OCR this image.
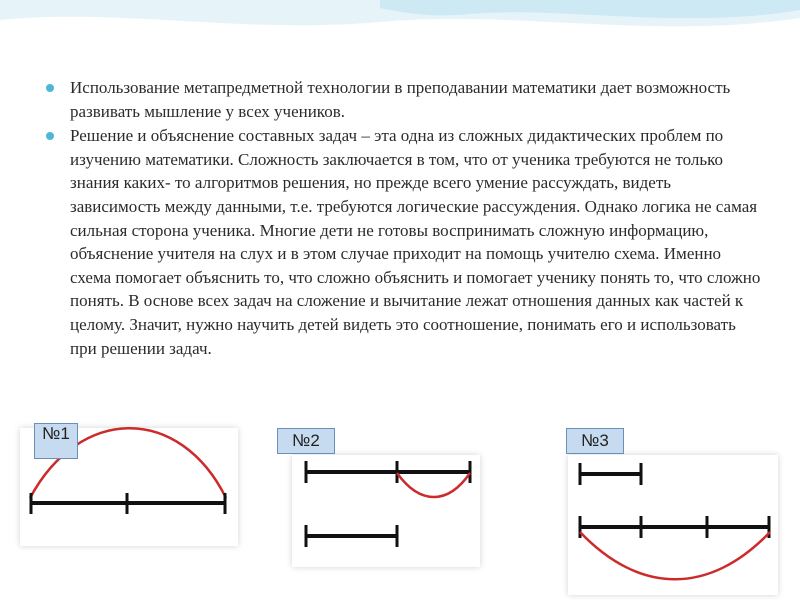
Использование метапредметной технологии в преподавании математики дает возможность развивать мышление у всех учеников.
Решение и объяснение составных задач – эта одна из сложных дидактических проблем по изучению математики. Сложность заключается в том, что от ученика требуются не только знания каких- то алгоритмов решения, но прежде всего умение рассуждать, видеть зависимость между данными, т.е. требуются логические рассуждения. Однако логика не самая сильная сторона ученика. Многие дети не готовы воспринимать сложную информацию, объяснение учителя на слух и в этом случае приходит на помощь учителю схема. Именно схема помогает объяснить то, что сложно объяснить и помогает ученику понять то, что сложно понять. В основе всех задач на сложение и вычитание лежат отношения данных как частей к целому. Значит, нужно научить детей видеть это соотношение, понимать его и использовать при решении задач.
№1	№2	№3
